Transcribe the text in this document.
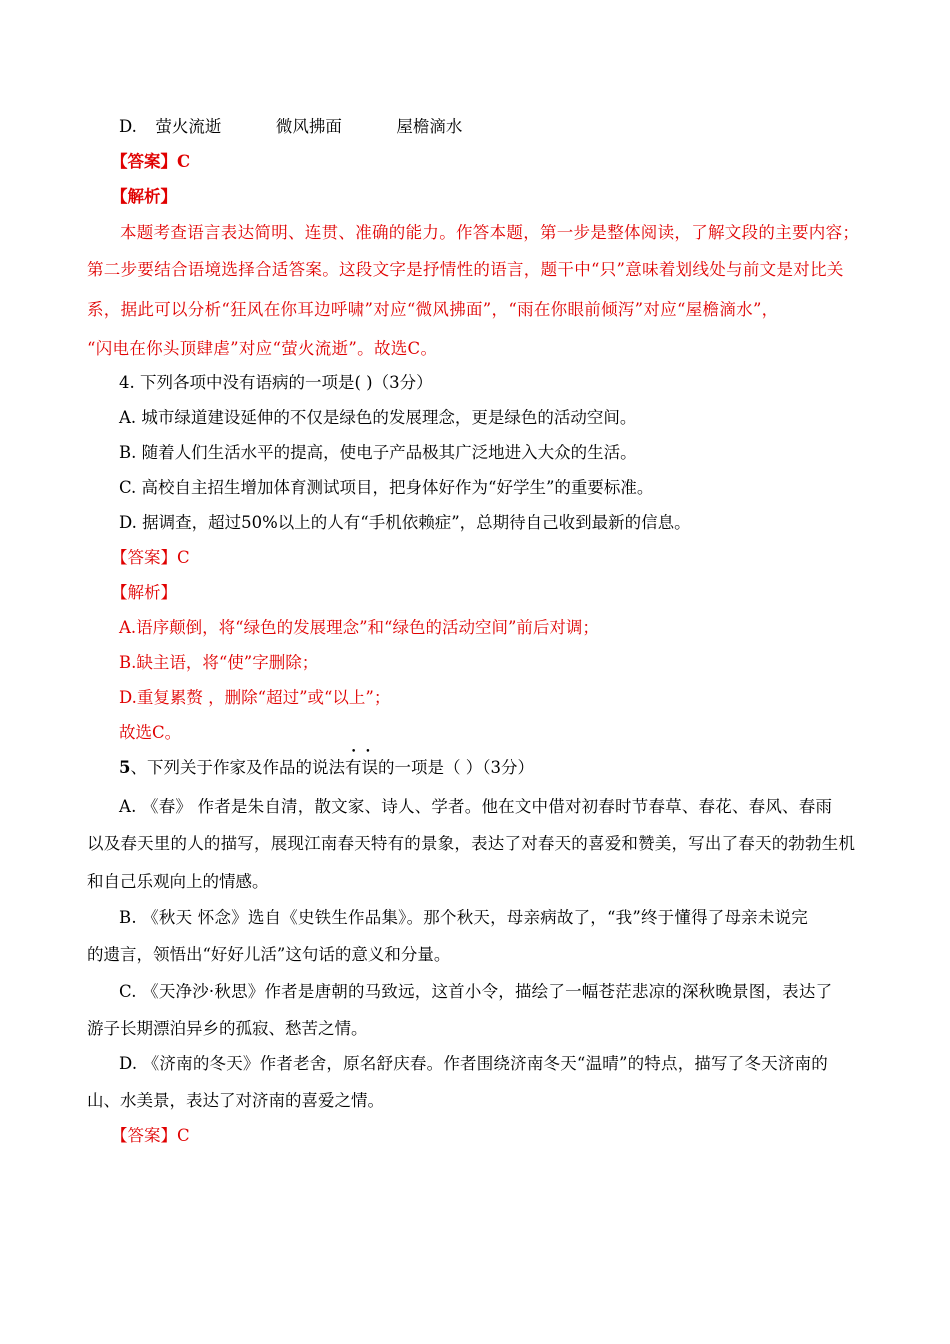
D. 萤火流逝	微风拂面	屋檐滴水
【答案】C
【解析】
本题考查语言表达简明、连贯、准确的能力。作答本题，第一步是整体阅读，了解文段的主要内容；
第二步要结合语境选择合适答案。这段文字是抒情性的语言，题干中“只”意味着划线处与前文是对比关
系，据此可以分析“狂风在你耳边呼啸”对应“微风拂面”，“雨在你眼前倾泻”对应“屋檐滴水”，
“闪电在你头顶肆虐”对应“萤火流逝”。故选C。
4. 下列各项中没有语病的一项是( )（3分）
A. 城市绿道建设延伸的不仅是绿色的发展理念，更是绿色的活动空间。
B. 随着人们生活水平的提高，使电子产品极其广泛地进入大众的生活。
C. 高校自主招生增加体育测试项目，把身体好作为“好学生”的重要标准。
D. 据调查，超过50%以上的人有“手机依赖症”，总期待自己收到最新的信息。
【答案】C
【解析】
A.语序颠倒，将“绿色的发展理念”和“绿色的活动空间”前后对调；
B.缺主语，将“使”字删除；
D.重复累赘 ，删除“超过”或“以上”；
故选C。
5、下列关于作家及作品的说法• • 有误的一项是（ ）（3分）
A. 《春》 作者是朱自清，散文家、诗人、学者。他在文中借对初春时节春草、春花、春风、春雨
以及春天里的人的描写，展现江南春天特有的景象，表达了对春天的喜爱和赞美，写出了春天的勃勃生机
和自己乐观向上的情感。
B. 《秋天 怀念》选自《史铁生作品集》。那个秋天，母亲病故了，“我”终于懂得了母亲未说完
的遗言，领悟出“好好儿活”这句话的意义和分量。
C. 《天净沙·秋思》作者是唐朝的马致远，这首小令，描绘了一幅苍茫悲凉的深秋晚景图，表达了
游子长期漂泊异乡的孤寂、愁苦之情。
D. 《济南的冬天》作者老舍，原名舒庆春。作者围绕济南冬天“温晴”的特点，描写了冬天济南的
山、水美景，表达了对济南的喜爱之情。
【答案】C
